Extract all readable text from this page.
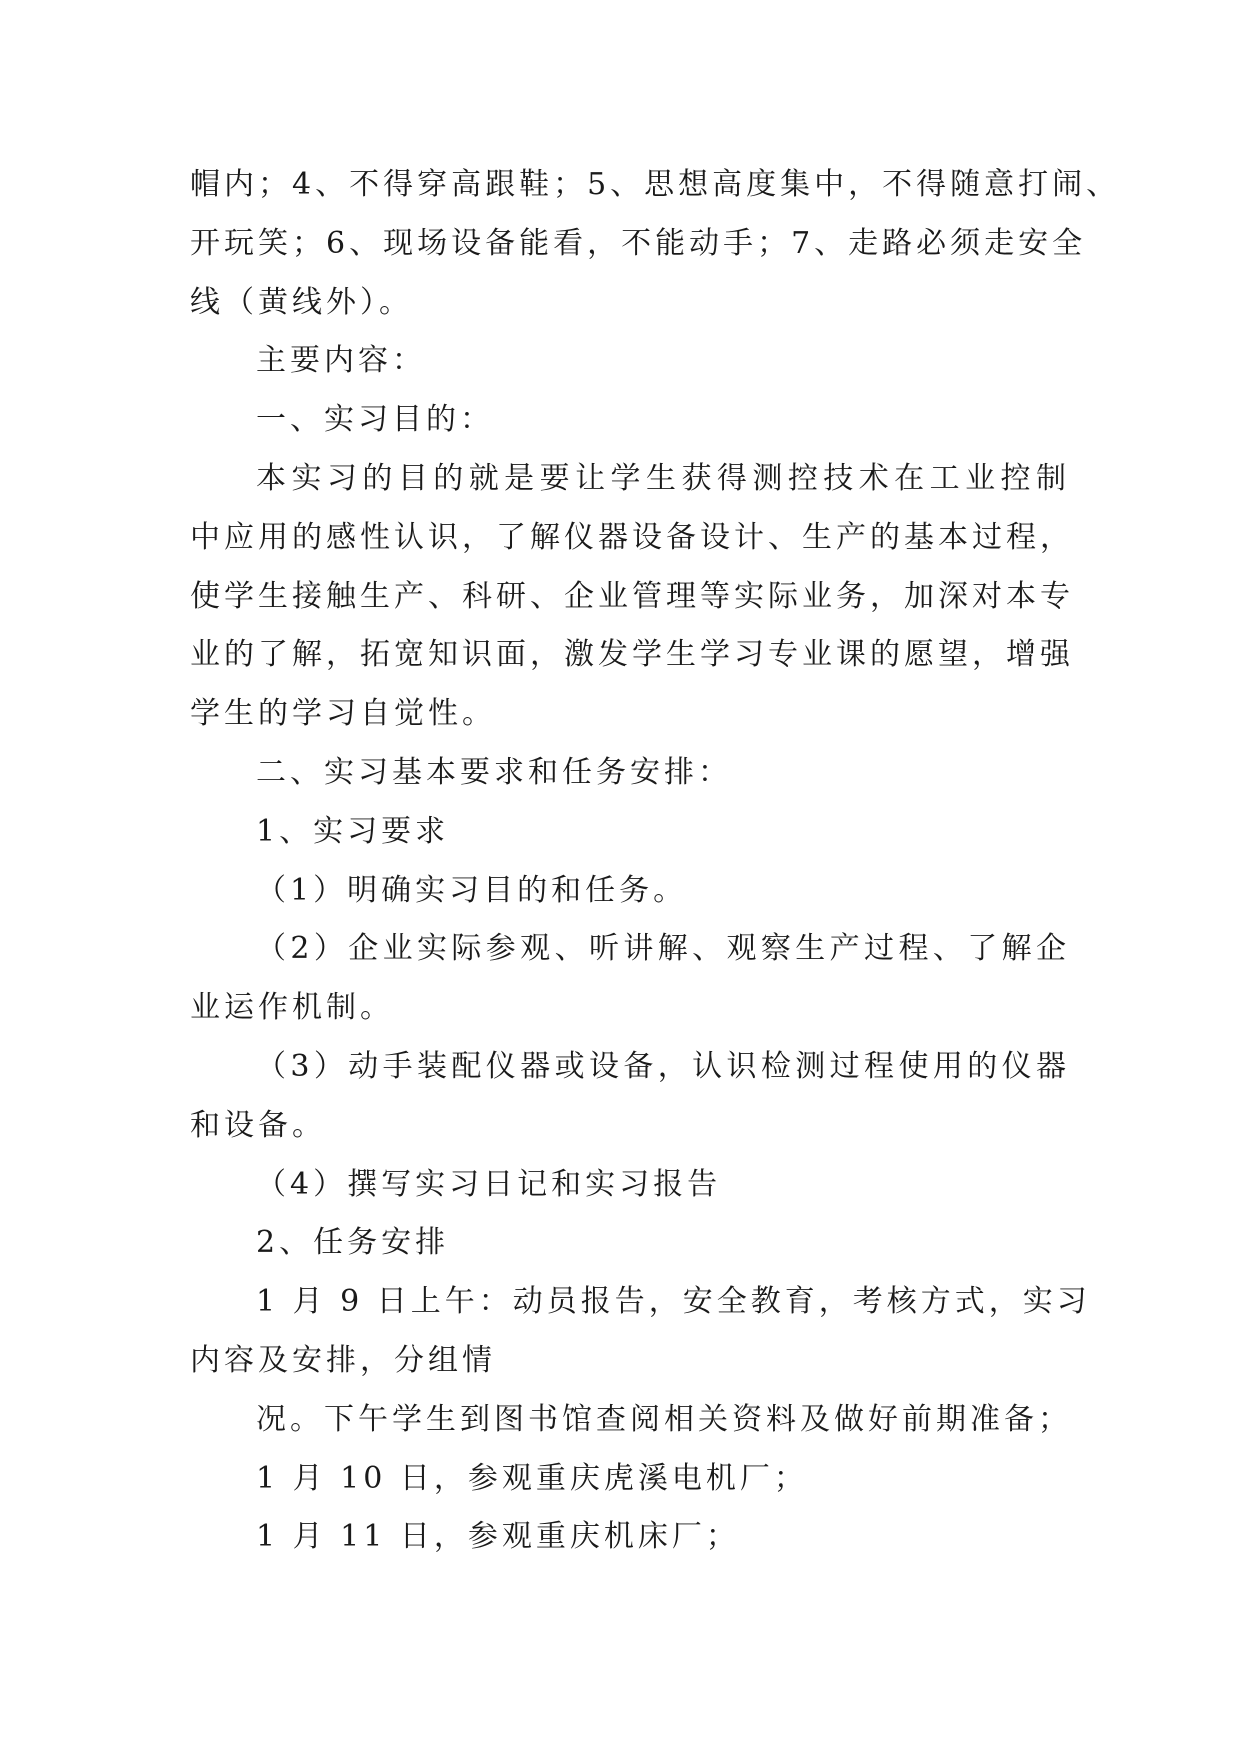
帽内；4、不得穿高跟鞋；5、思想高度集中，不得随意打闹、
开玩笑；6、现场设备能看，不能动手；7、走路必须走安全
线（黄线外）。
主要内容：
一、实习目的：
本实习的目的就是要让学生获得测控技术在工业控制
中应用的感性认识，了解仪器设备设计、生产的基本过程，
使学生接触生产、科研、企业管理等实际业务，加深对本专
业的了解，拓宽知识面，激发学生学习专业课的愿望，增强
学生的学习自觉性。
二、实习基本要求和任务安排：
1、实习要求
（1）明确实习目的和任务。
（2）企业实际参观、听讲解、观察生产过程、了解企
业运作机制。
（3）动手装配仪器或设备，认识检测过程使用的仪器
和设备。
（4）撰写实习日记和实习报告
2、任务安排
1 月 9 日上午：动员报告，安全教育，考核方式，实习
内容及安排，分组情
况。下午学生到图书馆查阅相关资料及做好前期准备；
1 月 10 日，参观重庆虎溪电机厂；
1 月 11 日，参观重庆机床厂；
